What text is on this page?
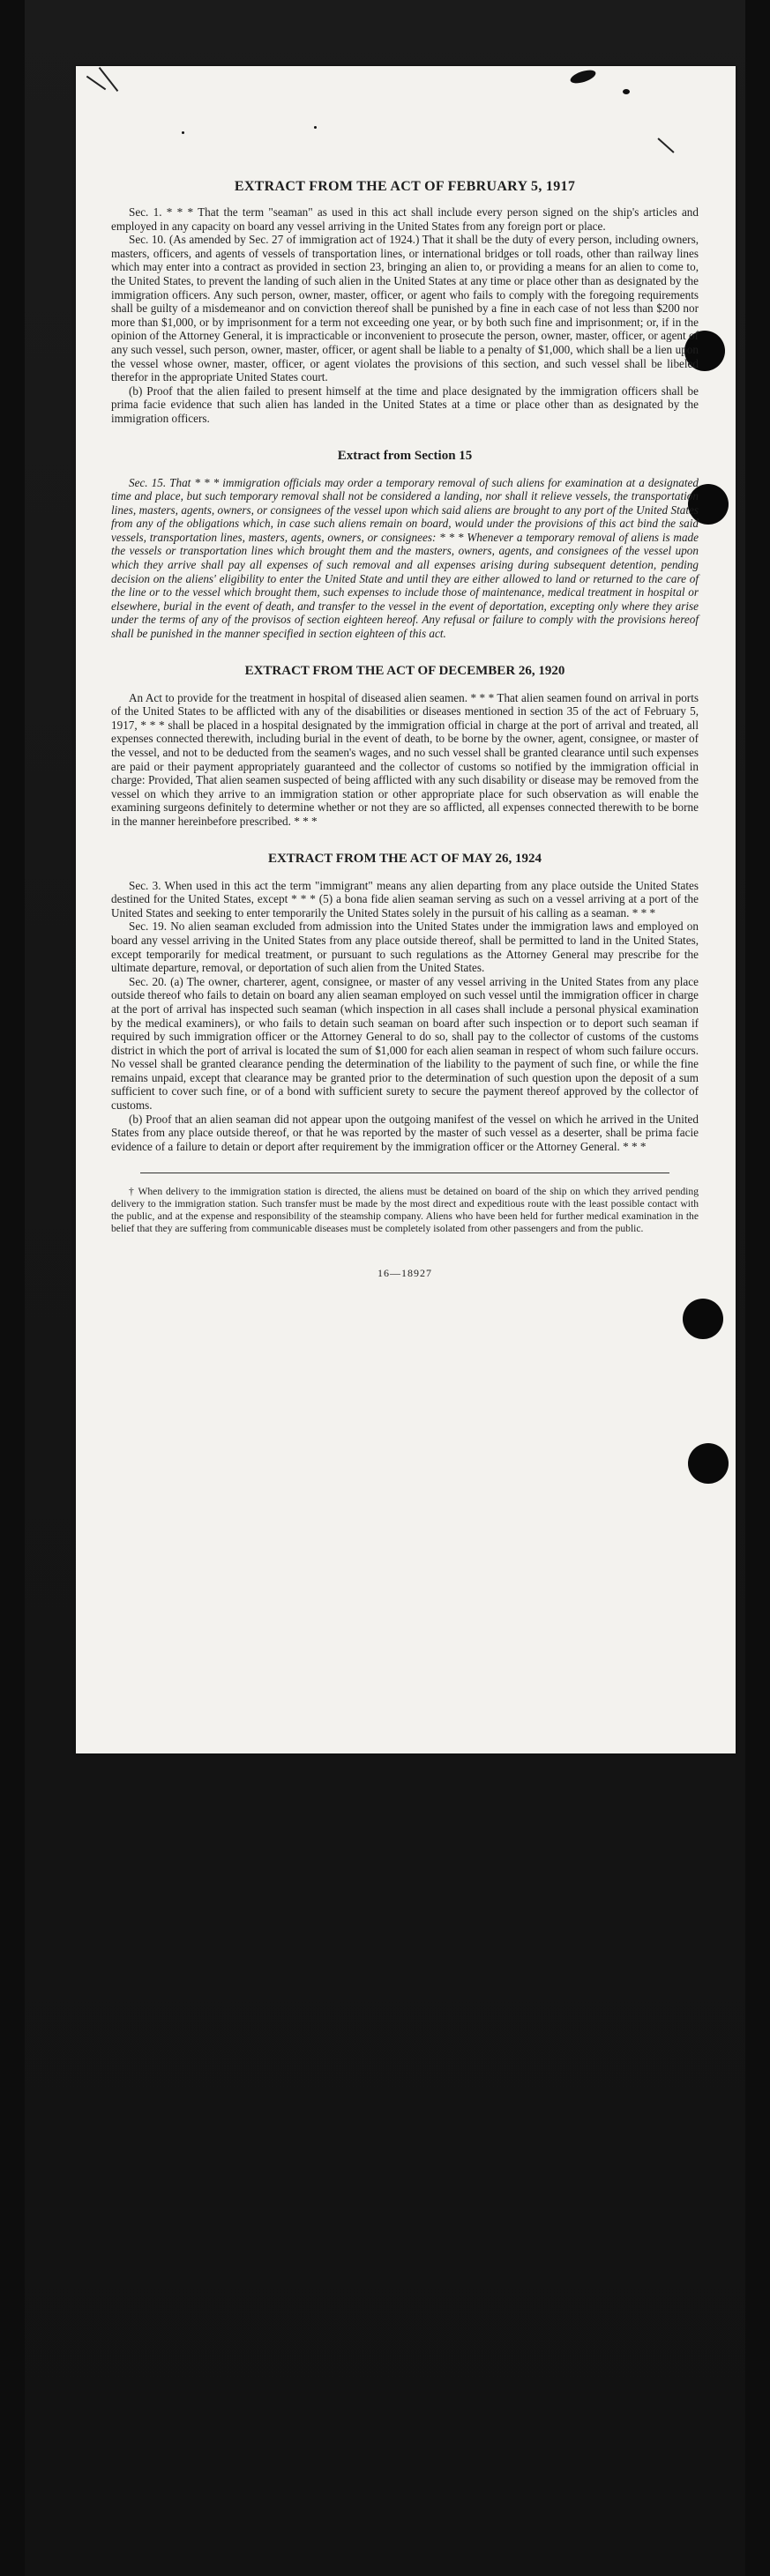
EXTRACT FROM THE ACT OF FEBRUARY 5, 1917

Sec. 1. * * * That the term "seaman" as used in this act shall include every person signed on the ship's articles and employed in any capacity on board any vessel arriving in the United States from any foreign port or place.

Sec. 10. (As amended by Sec. 27 of immigration act of 1924.) That it shall be the duty of every person, including owners, masters, officers, and agents of vessels of transportation lines, or international bridges or toll roads, other than railway lines which may enter into a contract as provided in section 23, bringing an alien to, or providing a means for an alien to come to, the United States, to prevent the landing of such alien in the United States at any time or place other than as designated by the immigration officers. Any such person, owner, master, officer, or agent who fails to comply with the foregoing requirements shall be guilty of a misdemeanor and on conviction thereof shall be punished by a fine in each case of not less than $200 nor more than $1,000, or by imprisonment for a term not exceeding one year, or by both such fine and imprisonment; or, if in the opinion of the Attorney General, it is impracticable or inconvenient to prosecute the person, owner, master, officer, or agent of any such vessel, such person, owner, master, officer, or agent shall be liable to a penalty of $1,000, which shall be a lien upon the vessel whose owner, master, officer, or agent violates the provisions of this section, and such vessel shall be libeled therefor in the appropriate United States court.

(b) Proof that the alien failed to present himself at the time and place designated by the immigration officers shall be prima facie evidence that such alien has landed in the United States at a time or place other than as designated by the immigration officers.

Extract from Section 15

Sec. 15. That * * * immigration officials may order a temporary removal of such aliens for examination at a designated time and place, but such temporary removal shall not be considered a landing, nor shall it relieve vessels, the transportation lines, masters, agents, owners, or consignees of the vessel upon which said aliens are brought to any port of the United States from any of the obligations which, in case such aliens remain on board, would under the provisions of this act bind the said vessels, transportation lines, masters, agents, owners, or consignees: * * * Whenever a temporary removal of aliens is made the vessels or transportation lines which brought them and the masters, owners, agents, and consignees of the vessel upon which they arrive shall pay all expenses of such removal and all expenses arising during subsequent detention, pending decision on the aliens' eligibility to enter the United State and until they are either allowed to land or returned to the care of the line or to the vessel which brought them, such expenses to include those of maintenance, medical treatment in hospital or elsewhere, burial in the event of death, and transfer to the vessel in the event of deportation, excepting only where they arise under the terms of any of the provisos of section eighteen hereof. Any refusal or failure to comply with the provisions hereof shall be punished in the manner specified in section eighteen of this act.

EXTRACT FROM THE ACT OF DECEMBER 26, 1920

An Act to provide for the treatment in hospital of diseased alien seamen. * * * That alien seamen found on arrival in ports of the United States to be afflicted with any of the disabilities or diseases mentioned in section 35 of the act of February 5, 1917, * * * shall be placed in a hospital designated by the immigration official in charge at the port of arrival and treated, all expenses connected therewith, including burial in the event of death, to be borne by the owner, agent, consignee, or master of the vessel, and not to be deducted from the seamen's wages, and no such vessel shall be granted clearance until such expenses are paid or their payment appropriately guaranteed and the collector of customs so notified by the immigration official in charge: Provided, That alien seamen suspected of being afflicted with any such disability or disease may be removed from the vessel on which they arrive to an immigration station or other appropriate place for such observation as will enable the examining surgeons definitely to determine whether or not they are so afflicted, all expenses connected therewith to be borne in the manner hereinbefore prescribed. * * *

EXTRACT FROM THE ACT OF MAY 26, 1924

Sec. 3. When used in this act the term "immigrant" means any alien departing from any place outside the United States destined for the United States, except * * * (5) a bona fide alien seaman serving as such on a vessel arriving at a port of the United States and seeking to enter temporarily the United States solely in the pursuit of his calling as a seaman. * * *

Sec. 19. No alien seaman excluded from admission into the United States under the immigration laws and employed on board any vessel arriving in the United States from any place outside thereof, shall be permitted to land in the United States, except temporarily for medical treatment, or pursuant to such regulations as the Attorney General may prescribe for the ultimate departure, removal, or deportation of such alien from the United States.

Sec. 20. (a) The owner, charterer, agent, consignee, or master of any vessel arriving in the United States from any place outside thereof who fails to detain on board any alien seaman employed on such vessel until the immigration officer in charge at the port of arrival has inspected such seaman (which inspection in all cases shall include a personal physical examination by the medical examiners), or who fails to detain such seaman on board after such inspection or to deport such seaman if required by such immigration officer or the Attorney General to do so, shall pay to the collector of customs of the customs district in which the port of arrival is located the sum of $1,000 for each alien seaman in respect of whom such failure occurs. No vessel shall be granted clearance pending the determination of the liability to the payment of such fine, or while the fine remains unpaid, except that clearance may be granted prior to the determination of such question upon the deposit of a sum sufficient to cover such fine, or of a bond with sufficient surety to secure the payment thereof approved by the collector of customs.

(b) Proof that an alien seaman did not appear upon the outgoing manifest of the vessel on which he arrived in the United States from any place outside thereof, or that he was reported by the master of such vessel as a deserter, shall be prima facie evidence of a failure to detain or deport after requirement by the immigration officer or the Attorney General. * * *

† When delivery to the immigration station is directed, the aliens must be detained on board of the ship on which they arrived pending delivery to the immigration station. Such transfer must be made by the most direct and expeditious route with the least possible contact with the public, and at the expense and responsibility of the steamship company. Aliens who have been held for further medical examination in the belief that they are suffering from communicable diseases must be completely isolated from other passengers and from the public.

16—18927
